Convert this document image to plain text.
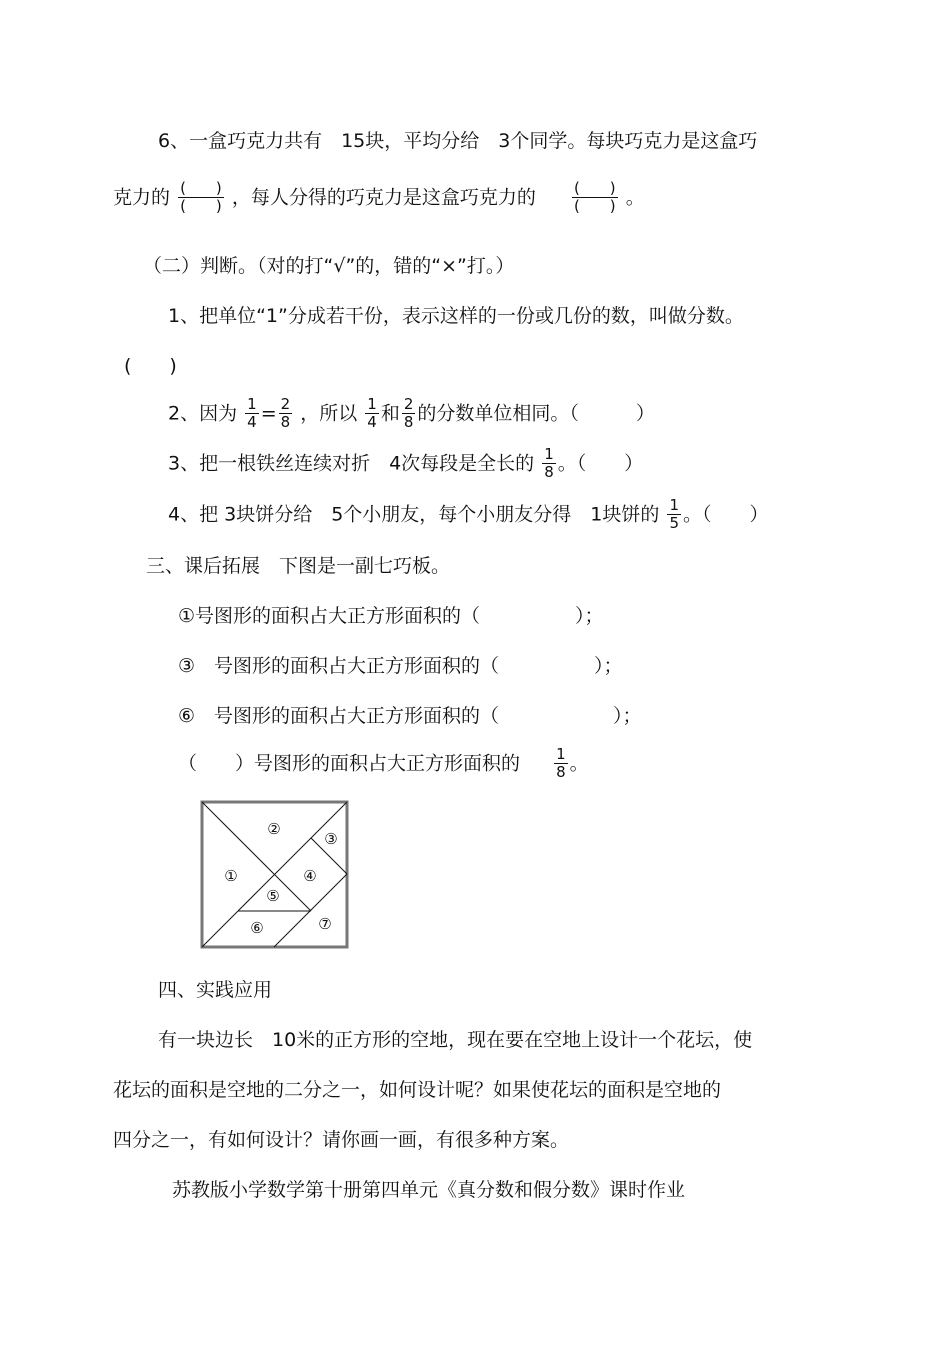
6、一盒巧克力共有　15块，平均分给　3个同学。每块巧克力是这盒巧
克力的 $\frac{( )}{( )}$ ，每人分得的巧克力是这盒巧克力的 $\frac{( )}{( )}$ 。
（二）判断。（对的打“√”的，错的“×”打。）
1、把单位“1”分成若干份，表示这样的一份或几份的数，叫做分数。
(　　)
2、因为 $\frac{1}{4} = \frac{2}{8}$ ，所以 $\frac{1}{4}$ 和 $\frac{2}{8}$ 的分数单位相同。（　　　）
3、把一根铁丝连续对折　4次每段是全长的 $\frac{1}{8}$ 。（　　）
4、把 3块饼分给　5个小朋友，每个小朋友分得　1块饼的 $\frac{1}{5}$ 。（　　）
三、课后拓展　下图是一副七巧板。
①号图形的面积占大正方形面积的（　　　　　）；
③　号图形的面积占大正方形面积的（　　　　　）；
⑥　号图形的面积占大正方形面积的（　　　　　　）；
（　　）号图形的面积占大正方形面积的 $\frac{1}{8}$ 。
①
②
③
④
⑤
⑥	⑦
四、实践应用
有一块边长　10米的正方形的空地，现在要在空地上设计一个花坛，使
花坛的面积是空地的二分之一，如何设计呢？如果使花坛的面积是空地的
四分之一，有如何设计？请你画一画，有很多种方案。
苏教版小学数学第十册第四单元《真分数和假分数》课时作业
